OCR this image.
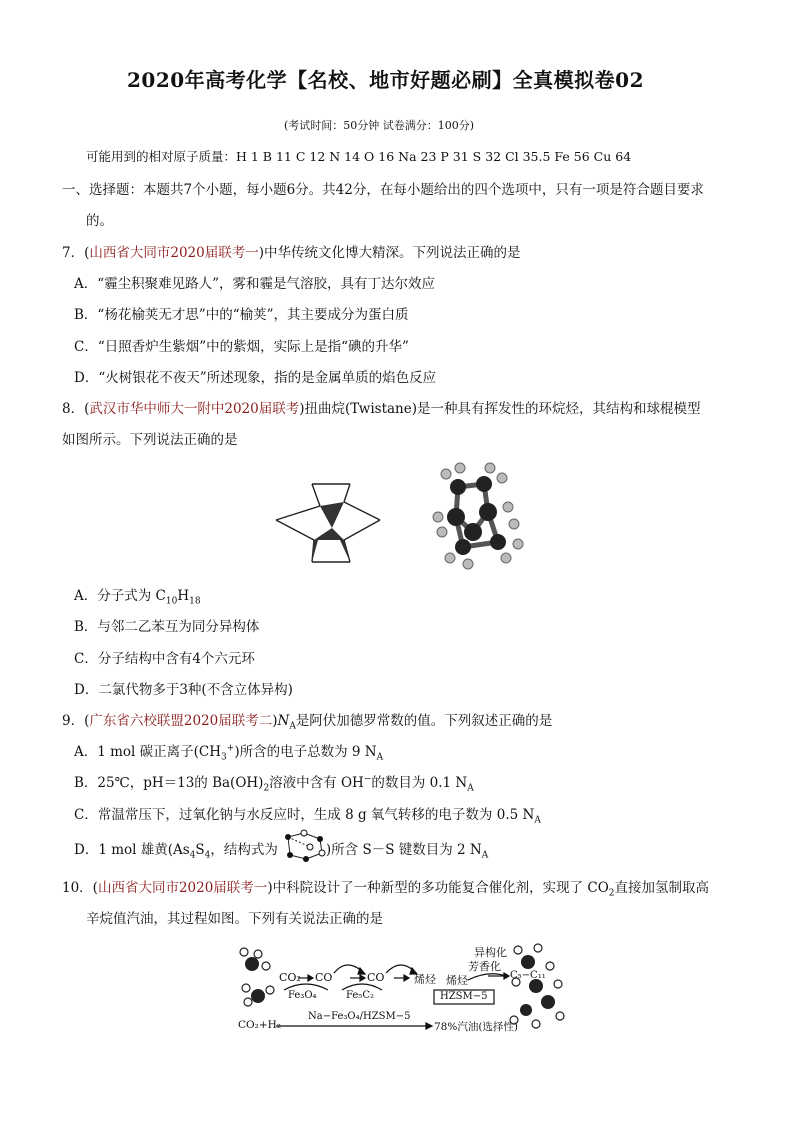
2020年高考化学【名校、地市好题必刷】全真模拟卷02
(考试时间：50分钟 试卷满分：100分)
可能用到的相对原子质量：H 1 B 11 C 12 N 14 O 16 Na 23 P 31 S 32 Cl 35.5 Fe 56 Cu 64
一、选择题：本题共7个小题，每小题6分。共42分，在每小题给出的四个选项中，只有一项是符合题目要求
的。
7．(山西省大同市2020届联考一)中华传统文化博大精深。下列说法正确的是
A．“霾尘积聚难见路人”，雾和霾是气溶胶，具有丁达尔效应
B．“杨花榆荚无才思”中的“榆荚”，其主要成分为蛋白质
C．“日照香炉生紫烟”中的紫烟，实际上是指“碘的升华”
D．“火树银花不夜天”所述现象，指的是金属单质的焰色反应
8．(武汉市华中师大一附中2020届联考)扭曲烷(Twistane)是一种具有挥发性的环烷烃，其结构和球棍模型
如图所示。下列说法正确的是
A．分子式为 $C_{10}H_{18}$
B．与邻二乙苯互为同分异构体
C．分子结构中含有4个六元环
D．二氯代物多于3种(不含立体异构)
9．(广东省六校联盟2020届联考二)$N_A$是阿伏加德罗常数的值。下列叙述正确的是
A．1 mol 碳正离子$(CH_3^+)$所含的电子总数为 9 $N_A$
B．25℃，pH＝13的 $Ba(OH)_2$溶液中含有 OH−的数目为 0.1 $N_A$
C．常温常压下，过氧化钠与水反应时，生成 8 g 氧气转移的电子数为 0.5 $N_A$
D．1 mol 雄黄($As_4S_4$，结构式为	)所含 S－S 键数目为 2 $N_A$
10．(山西省大同市2020届联考一)中科院设计了一种新型的多功能复合催化剂，实现了 $CO_2$直接加氢制取高
辛烷值汽油，其过程如图。下列有关说法正确的是
CO₂ CO	CO	烯烃 烯烃
Fe₃O₄	Fe₅C₂
异构化
芳香化
C₅−C₁₁
HZSM−5
CO₂+H₂
Na−Fe₃O₄/HZSM−5
78%汽油(选择性)
